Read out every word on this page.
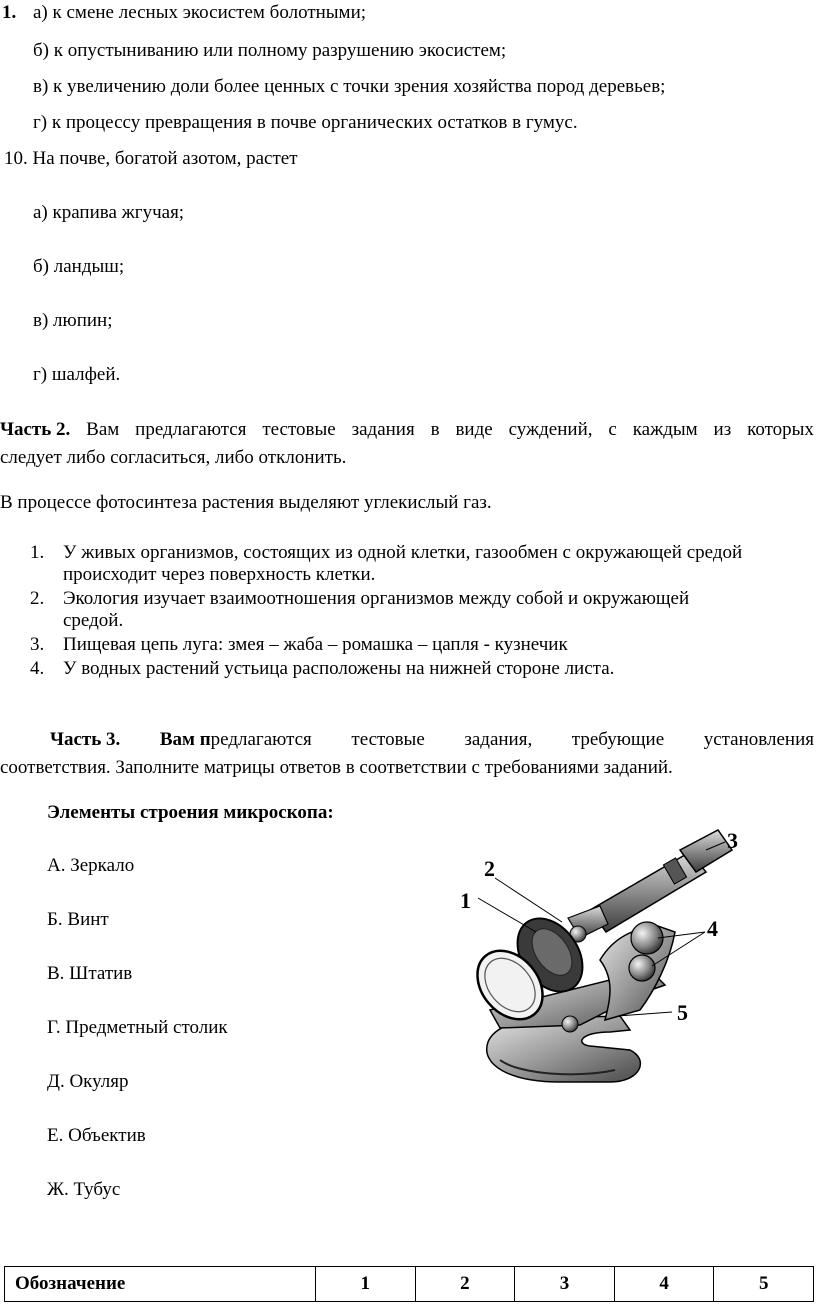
1. а) к смене лесных экосистем болотными;
б) к опустыниванию или полному разрушению экосистем;
в) к увеличению доли более ценных с точки зрения хозяйства пород деревьев;
г) к процессу превращения в почве органических остатков в гумус.
10. На почве, богатой азотом, растет
а) крапива жгучая;
б) ландыш;
в) люпин;
г) шалфей.
Часть 2. Вам предлагаются тестовые задания в виде суждений, с каждым из которых
следует либо согласиться, либо отклонить.
В процессе фотосинтеза растения выделяют углекислый газ.
1. У живых организмов, состоящих из одной клетки, газообмен с окружающей средой
происходит через поверхность клетки.
2. Экология изучает взаимоотношения организмов между собой и окружающей
средой.
3. Пищевая цепь луга: змея – жаба – ромашка – цапля - кузнечик
4. У водных растений устьица расположены на нижней стороне листа.
Часть 3. Вам предлагаются тестовые задания, требующие установления
соответствия. Заполните матрицы ответов в соответствии с требованиями заданий.
Элементы строения микроскопа:
А. Зеркало
Б. Винт
В. Штатив
Г. Предметный столик
Д. Окуляр
Е. Объектив
Ж. Тубус
1
2
3
4
5
Обозначение	1	2	3	4	5
